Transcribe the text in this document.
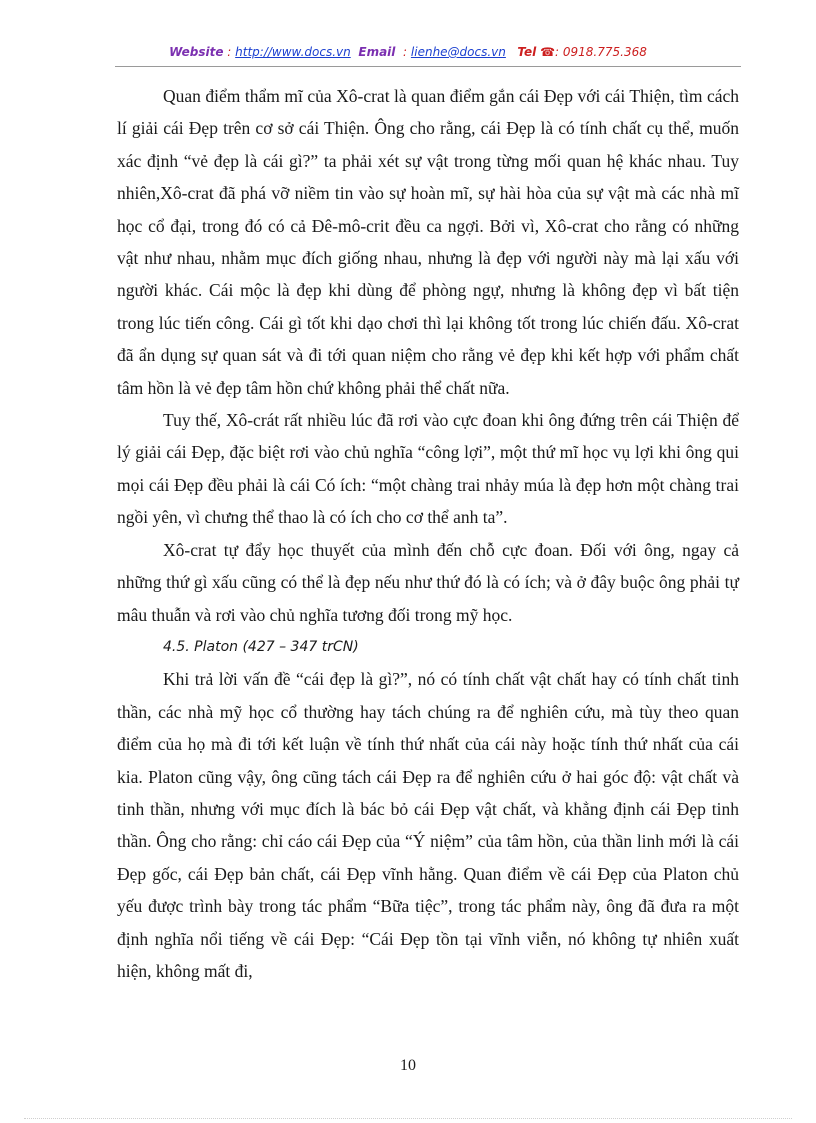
Website : http://www.docs.vn Email  : lienhe@docs.vn Tel ☎: 0918.775.368

Quan điểm thẩm mĩ của Xô-crat là quan điểm gắn cái Đẹp với cái Thiện, tìm cách lí giải cái Đẹp trên cơ sở cái Thiện. Ông cho rằng, cái Đẹp là có tính chất cụ thể, muốn xác định “vẻ đẹp là cái gì?” ta phải xét sự vật trong từng mối quan hệ khác nhau. Tuy nhiên,Xô-crat đã phá vỡ niềm tin vào sự hoàn mĩ, sự hài hòa của sự vật mà các nhà mĩ học cổ đại, trong đó có cả Đê-mô-crit đều ca ngợi. Bởi vì, Xô-crat cho rằng có những vật như nhau, nhằm mục đích giống nhau, nhưng là đẹp với người này mà lại xấu với người khác. Cái mộc là đẹp khi dùng để phòng ngự, nhưng là không đẹp vì bất tiện trong lúc tiến công. Cái gì tốt khi dạo chơi thì lại không tốt trong lúc chiến đấu. Xô-crat đã ẩn dụng sự quan sát và đi tới quan niệm cho rằng vẻ đẹp khi kết hợp với phẩm chất tâm hồn là vẻ đẹp tâm hồn chứ không phải thể chất nữa.

Tuy thế, Xô-crát rất nhiều lúc đã rơi vào cực đoan khi ông đứng trên cái Thiện để lý giải cái Đẹp, đặc biệt rơi vào chủ nghĩa “công lợi”, một thứ mĩ học vụ lợi khi ông qui mọi cái Đẹp đều phải là cái Có ích: “một chàng trai nhảy múa là đẹp hơn một chàng trai ngồi yên, vì chưng thể thao là có ích cho cơ thể anh ta”.

Xô-crat tự đẩy học thuyết của mình đến chỗ cực đoan. Đối với ông, ngay cả những thứ gì xấu cũng có thể là đẹp nếu như thứ đó là có ích; và ở đây buộc ông phải tự mâu thuẫn và rơi vào chủ nghĩa tương đối trong mỹ học.

4.5. Platon (427 – 347 trCN)

Khi trả lời vấn đề “cái đẹp là gì?”, nó có tính chất vật chất hay có tính chất tinh thần, các nhà mỹ học cổ thường hay tách chúng ra để nghiên cứu, mà tùy theo quan điểm của họ mà đi tới kết luận về tính thứ nhất của cái này hoặc tính thứ nhất của cái kia. Platon cũng vậy, ông cũng tách cái Đẹp ra để nghiên cứu ở hai góc độ: vật chất và tinh thần, nhưng với mục đích là bác bỏ cái Đẹp vật chất, và khẳng định cái Đẹp tinh thần. Ông cho rằng: chỉ cáo cái Đẹp của “Ý niệm” của tâm hồn, của thần linh mới là cái Đẹp gốc, cái Đẹp bản chất, cái Đẹp vĩnh hằng. Quan điểm về cái Đẹp của Platon chủ yếu được trình bày trong tác phẩm “Bữa tiệc”, trong tác phẩm này, ông đã đưa ra một định nghĩa nổi tiếng về cái Đẹp: “Cái Đẹp tồn tại vĩnh viễn, nó không tự nhiên xuất hiện, không mất đi,

10
